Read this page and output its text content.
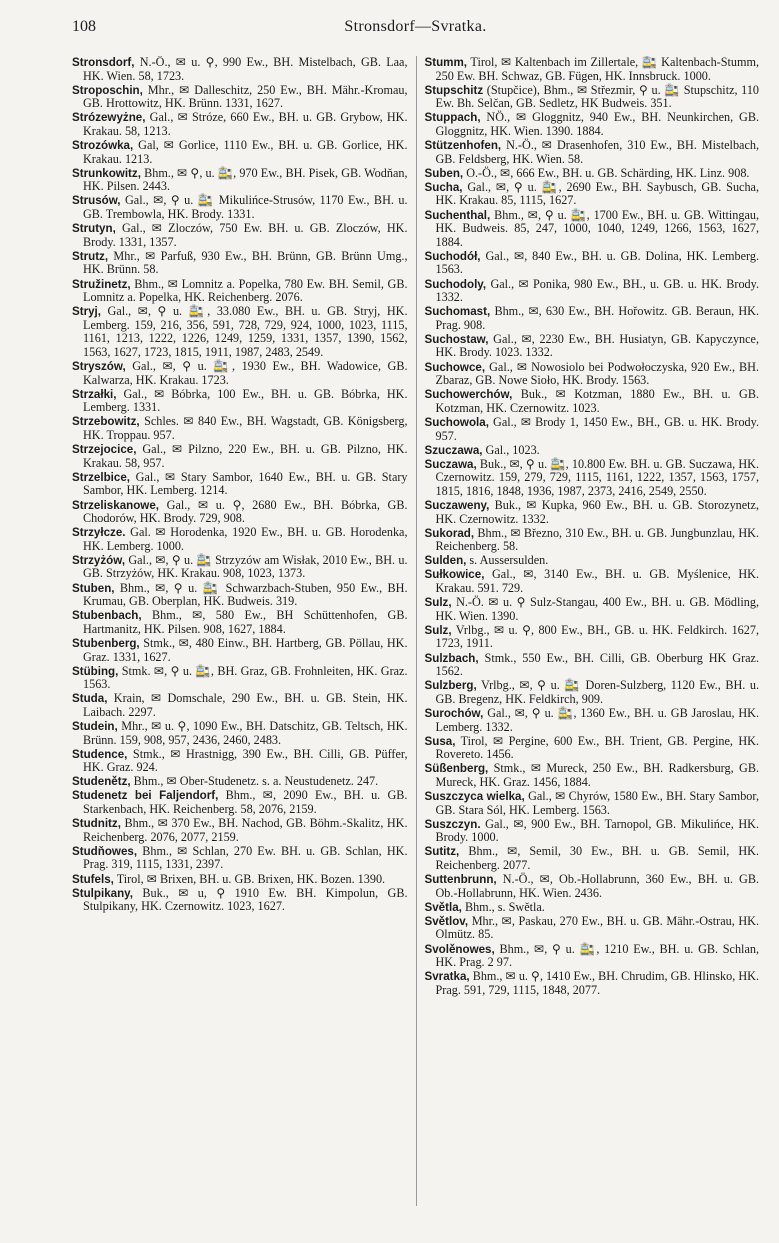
108	Stronsdorf—Svratka.

Stronsdorf, N.-Ö., ✉ u. ⚲, 990 Ew., BH. Mistelbach, GB. Laa, HK. Wien. 58, 1723.

Stroposchin, Mhr., ✉ Dalleschitz, 250 Ew., BH. Mähr.-Kromau, GB. Hrottowitz, HK. Brünn. 1331, 1627.

Strózewyżne, Gal., ✉ Stróze, 660 Ew., BH. u. GB. Grybow, HK. Krakau. 58, 1213.

Strozówka, Gal, ✉ Gorlice, 1110 Ew., BH. u. GB. Gorlice, HK. Krakau. 1213.

Strunkowitz, Bhm., ✉ ⚲, u. 🚉, 970 Ew., BH. Pisek, GB. Wodňan, HK. Pilsen. 2443.

Strusów, Gal., ✉, ⚲ u. 🚉 Mikulińce-Strusów, 1170 Ew., BH. u. GB. Trembowla, HK. Brody. 1331.

Strutyn, Gal., ✉ Zloczów, 750 Ew. BH. u. GB. Zloczów, HK. Brody. 1331, 1357.

Strutz, Mhr., ✉ Parfuß, 930 Ew., BH. Brünn, GB. Brünn Umg., HK. Brünn. 58.

Stružinetz, Bhm., ✉ Lomnitz a. Popelka, 780 Ew. BH. Semil, GB. Lomnitz a. Popelka, HK. Reichenberg. 2076.

Stryj, Gal., ✉, ⚲ u. 🚉, 33.080 Ew., BH. u. GB. Stryj, HK. Lemberg. 159, 216, 356, 591, 728, 729, 924, 1000, 1023, 1115, 1161, 1213, 1222, 1226, 1249, 1259, 1331, 1357, 1390, 1562, 1563, 1627, 1723, 1815, 1911, 1987, 2483, 2549.

Stryszów, Gal., ✉, ⚲ u. 🚉, 1930 Ew., BH. Wadowice, GB. Kalwarza, HK. Krakau. 1723.

Strzałki, Gal., ✉ Bóbrka, 100 Ew., BH. u. GB. Bóbrka, HK. Lemberg. 1331.

Strzebowitz, Schles. ✉ 840 Ew., BH. Wagstadt, GB. Königsberg, HK. Troppau. 957.

Strzejocice, Gal., ✉ Pilzno, 220 Ew., BH. u. GB. Pilzno, HK. Krakau. 58, 957.

Strzelbice, Gal., ✉ Stary Sambor, 1640 Ew., BH. u. GB. Stary Sambor, HK. Lemberg. 1214.

Strzeliskanowe, Gal., ✉ u. ⚲, 2680 Ew., BH. Bóbrka, GB. Chodorów, HK. Brody. 729, 908.

Strzyłcze. Gal. ✉ Horodenka, 1920 Ew., BH. u. GB. Horodenka, HK. Lemberg. 1000.

Strzyżów, Gal., ✉, ⚲ u. 🚉 Strzyzów am Wisłak, 2010 Ew., BH. u. GB. Strzyżów, HK. Krakau. 908, 1023, 1373.

Stuben, Bhm., ✉, ⚲ u. 🚉 Schwarzbach-Stuben, 950 Ew., BH. Krumau, GB. Oberplan, HK. Budweis. 319.

Stubenbach, Bhm., ✉, 580 Ew., BH Schüttenhofen, GB. Hartmanitz, HK. Pilsen. 908, 1627, 1884.

Stubenberg, Stmk., ✉, 480 Einw., BH. Hartberg, GB. Pöllau, HK. Graz. 1331, 1627.

Stübing, Stmk. ✉, ⚲ u. 🚉, BH. Graz, GB. Frohnleiten, HK. Graz. 1563.

Studa, Krain, ✉ Domschale, 290 Ew., BH. u. GB. Stein, HK. Laibach. 2297.

Studein, Mhr., ✉ u. ⚲, 1090 Ew., BH. Datschitz, GB. Teltsch, HK. Brünn. 159, 908, 957, 2436, 2460, 2483.

Studence, Stmk., ✉ Hrastnigg, 390 Ew., BH. Cilli, GB. Püffer, HK. Graz. 924.

Studenětz, Bhm., ✉ Ober-Studenetz. s. a. Neustudenetz. 247.

Studenetz bei Faljendorf, Bhm., ✉, 2090 Ew., BH. u. GB. Starkenbach, HK. Reichenberg. 58, 2076, 2159.

Studnitz, Bhm., ✉ 370 Ew., BH. Nachod, GB. Böhm.-Skalitz, HK. Reichenberg. 2076, 2077, 2159.

Studňowes, Bhm., ✉ Schlan, 270 Ew. BH. u. GB. Schlan, HK. Prag. 319, 1115, 1331, 2397.

Stufels, Tirol, ✉ Brixen, BH. u. GB. Brixen, HK. Bozen. 1390.

Stulpikany, Buk., ✉ u, ⚲ 1910 Ew. BH. Kimpolun, GB. Stulpikany, HK. Czernowitz. 1023, 1627.

Stumm, Tirol, ✉ Kaltenbach im Zillertale, 🚉 Kaltenbach-Stumm, 250 Ew. BH. Schwaz, GB. Fügen, HK. Innsbruck. 1000.

Stupschitz (Stupčice), Bhm., ✉ Střezmir, ⚲ u. 🚉 Stupschitz, 110 Ew. Bh. Selčan, GB. Sedletz, HK Budweis. 351.

Stuppach, NÖ., ✉ Gloggnitz, 940 Ew., BH. Neunkirchen, GB. Gloggnitz, HK. Wien. 1390. 1884.

Stützenhofen, N.-Ö., ✉ Drasenhofen, 310 Ew., BH. Mistelbach, GB. Feldsberg, HK. Wien. 58.

Suben, O.-Ö., ✉, 666 Ew., BH. u. GB. Schärding, HK. Linz. 908.

Sucha, Gal., ✉, ⚲ u. 🚉, 2690 Ew., BH. Saybusch, GB. Sucha, HK. Krakau. 85, 1115, 1627.

Suchenthal, Bhm., ✉, ⚲ u. 🚉, 1700 Ew., BH. u. GB. Wittingau, HK. Budweis. 85, 247, 1000, 1040, 1249, 1266, 1563, 1627, 1884.

Suchodół, Gal., ✉, 840 Ew., BH. u. GB. Dolina, HK. Lemberg. 1563.

Suchodoly, Gal., ✉ Ponika, 980 Ew., BH., u. GB. u. HK. Brody. 1332.

Suchomast, Bhm., ✉, 630 Ew., BH. Hořowitz. GB. Beraun, HK. Prag. 908.

Suchostaw, Gal., ✉, 2230 Ew., BH. Husiatyn, GB. Kapyczynce, HK. Brody. 1023. 1332.

Suchowce, Gal., ✉ Nowosiolo bei Podwołoczyska, 920 Ew., BH. Zbaraz, GB. Nowe Sioło, HK. Brody. 1563.

Suchowerchów, Buk., ✉ Kotzman, 1880 Ew., BH. u. GB. Kotzman, HK. Czernowitz. 1023.

Suchowola, Gal., ✉ Brody 1, 1450 Ew., BH., GB. u. HK. Brody. 957.

Szuczawa, Gal., 1023.

Suczawa, Buk., ✉, ⚲ u. 🚉, 10.800 Ew. BH. u. GB. Suczawa, HK. Czernowitz. 159, 279, 729, 1115, 1161, 1222, 1357, 1563, 1757, 1815, 1816, 1848, 1936, 1987, 2373, 2416, 2549, 2550.

Suczaweny, Buk., ✉ Kupka, 960 Ew., BH. u. GB. Storozynetz, HK. Czernowitz. 1332.

Sukorad, Bhm., ✉ Březno, 310 Ew., BH. u. GB. Jungbunzlau, HK. Reichenberg. 58.

Sulden, s. Aussersulden.

Sułkowice, Gal., ✉, 3140 Ew., BH. u. GB. Myślenice, HK. Krakau. 591. 729.

Sulz, N.-Ö. ✉ u. ⚲ Sulz-Stangau, 400 Ew., BH. u. GB. Mödling, HK. Wien. 1390.

Sulz, Vrlbg., ✉ u. ⚲, 800 Ew., BH., GB. u. HK. Feldkirch. 1627, 1723, 1911.

Sulzbach, Stmk., 550 Ew., BH. Cilli, GB. Oberburg HK Graz. 1562.

Sulzberg, Vrlbg., ✉, ⚲ u. 🚉 Doren-Sulzberg, 1120 Ew., BH. u. GB. Bregenz, HK. Feldkirch, 909.

Surochów, Gal., ✉, ⚲ u. 🚉, 1360 Ew., BH. u. GB Jaroslau, HK. Lemberg. 1332.

Susa, Tirol, ✉ Pergine, 600 Ew., BH. Trient, GB. Pergine, HK. Rovereto. 1456.

Süßenberg, Stmk., ✉ Mureck, 250 Ew., BH. Radkersburg, GB. Mureck, HK. Graz. 1456, 1884.

Suszczyca wielka, Gal., ✉ Chyrów, 1580 Ew., BH. Stary Sambor, GB. Stara Sól, HK. Lemberg. 1563.

Suszczyn. Gal., ✉, 900 Ew., BH. Tarnopol, GB. Mikulińce, HK. Brody. 1000.

Sutitz, Bhm., ✉, Semil, 30 Ew., BH. u. GB. Semil, HK. Reichenberg. 2077.

Suttenbrunn, N.-Ö., ✉, Ob.-Hollabrunn, 360 Ew., BH. u. GB. Ob.-Hollabrunn, HK. Wien. 2436.

Světla, Bhm., s. Swětla.

Světlov, Mhr., ✉, Paskau, 270 Ew., BH. u. GB. Mähr.-Ostrau, HK. Olmütz. 85.

Svolěnowes, Bhm., ✉, ⚲ u. 🚉, 1210 Ew., BH. u. GB. Schlan, HK. Prag. 2 97.

Svratka, Bhm., ✉ u. ⚲, 1410 Ew., BH. Chrudim, GB. Hlinsko, HK. Prag. 591, 729, 1115, 1848, 2077.
